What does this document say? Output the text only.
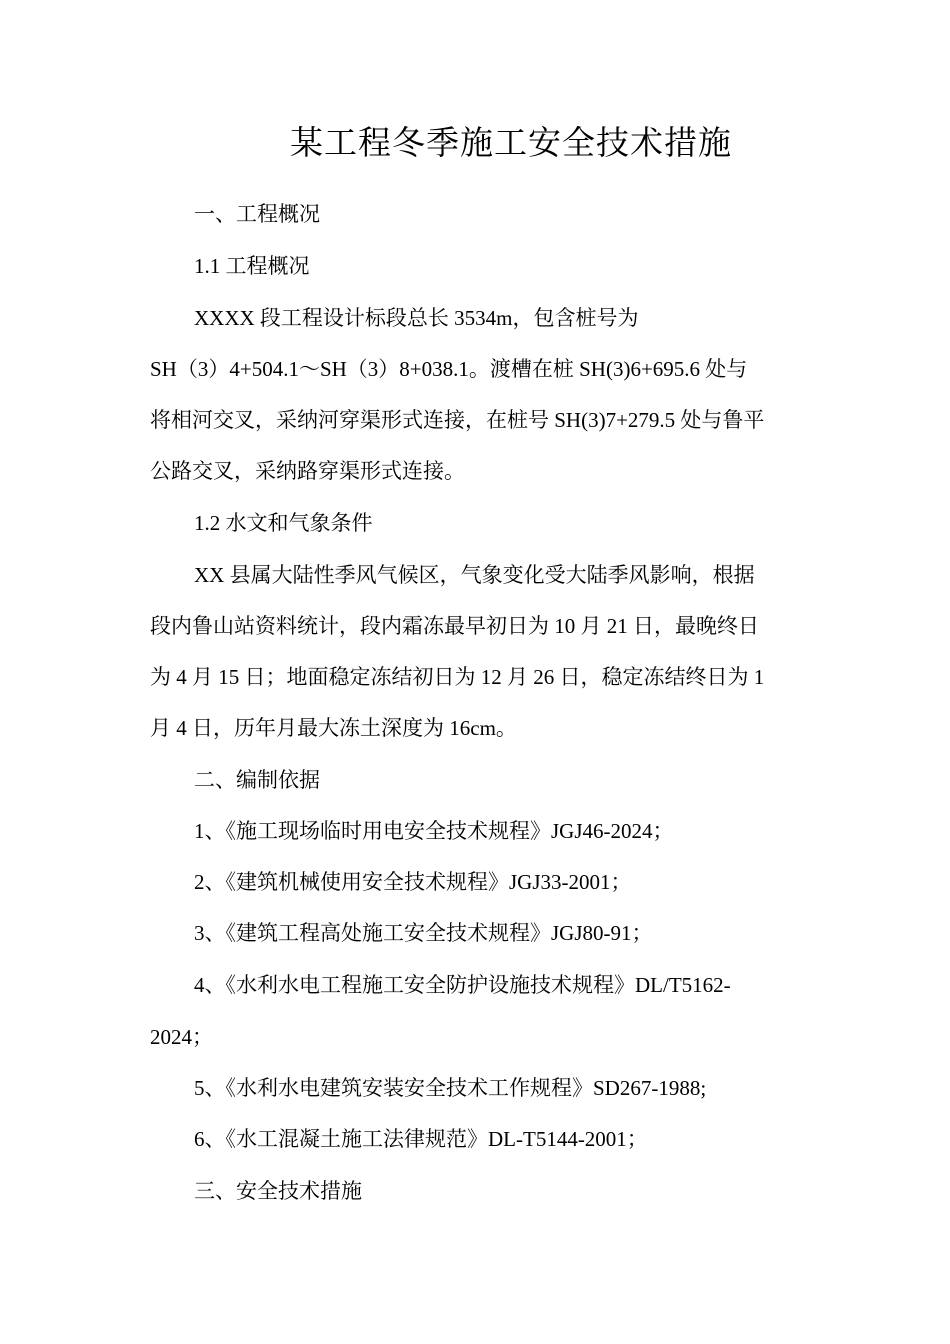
某工程冬季施工安全技术措施
一、工程概况
1.1 工程概况
XXXX 段工程设计标段总长 3534m，包含桩号为
SH（3）4+504.1～SH（3）8+038.1。渡槽在桩 SH(3)6+695.6 处与
将相河交叉，采纳河穿渠形式连接，在桩号 SH(3)7+279.5 处与鲁平
公路交叉，采纳路穿渠形式连接。
1.2 水文和气象条件
XX 县属大陆性季风气候区，气象变化受大陆季风影响，根据
段内鲁山站资料统计，段内霜冻最早初日为 10 月 21 日，最晚终日
为 4 月 15 日；地面稳定冻结初日为 12 月 26 日，稳定冻结终日为 1
月 4 日，历年月最大冻土深度为 16cm。
二、编制依据
1、《施工现场临时用电安全技术规程》JGJ46-2024；
2、《建筑机械使用安全技术规程》JGJ33-2001；
3、《建筑工程高处施工安全技术规程》JGJ80-91；
4、《水利水电工程施工安全防护设施技术规程》DL/T5162-
2024；
5、《水利水电建筑安装安全技术工作规程》SD267-1988;
6、《水工混凝土施工法律规范》DL-T5144-2001；
三、安全技术措施
